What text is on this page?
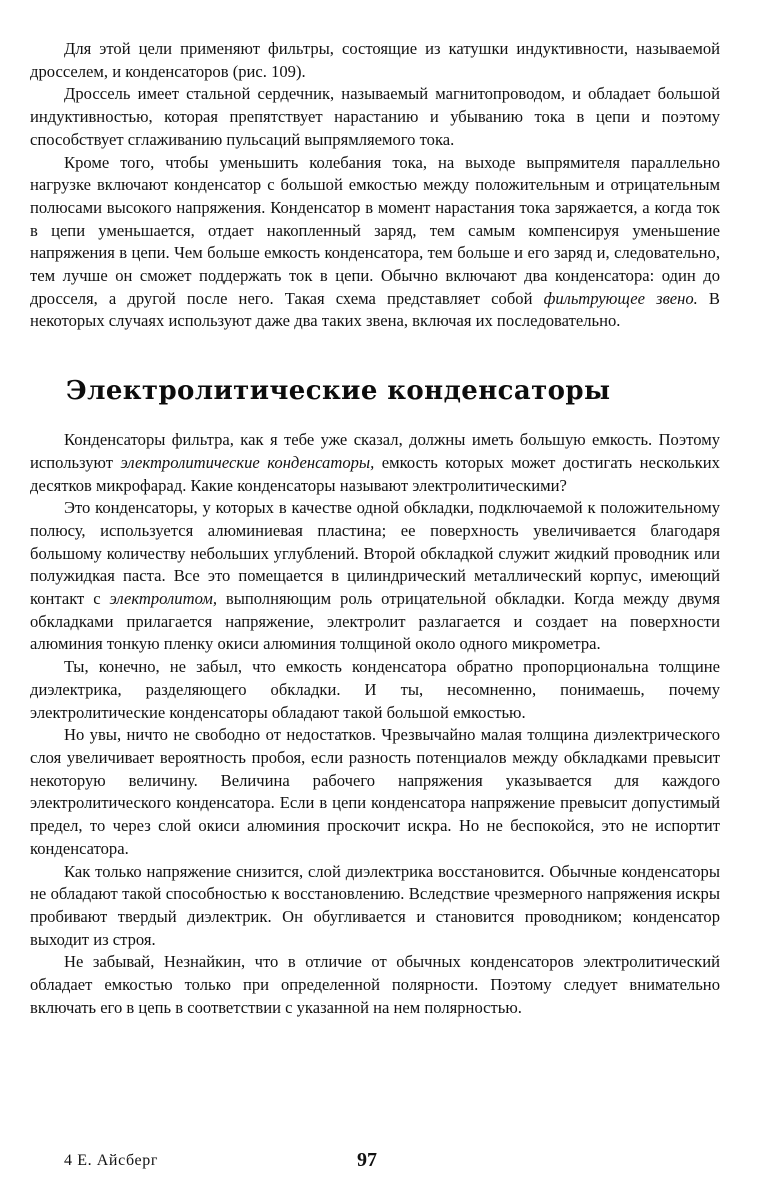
Для этой цели применяют фильтры, состоящие из катушки индуктивности, называемой дросселем, и конденсаторов (рис. 109).

Дроссель имеет стальной сердечник, называемый магнитопроводом, и обладает большой индуктивностью, которая препятствует нарастанию и убыванию тока в цепи и поэтому способствует сглаживанию пульсаций выпрямляемого тока.

Кроме того, чтобы уменьшить колебания тока, на выходе выпрямителя параллельно нагрузке включают конденсатор с большой емкостью между положительным и отрицательным полюсами высокого напряжения. Конденсатор в момент нарастания тока заряжается, а когда ток в цепи уменьшается, отдает накопленный заряд, тем самым компенсируя уменьшение напряжения в цепи. Чем больше емкость конденсатора, тем больше и его заряд и, следовательно, тем лучше он сможет поддержать ток в цепи. Обычно включают два конденсатора: один до дросселя, а другой после него. Такая схема представляет собой фильтрующее звено. В некоторых случаях используют даже два таких звена, включая их последовательно.

Электролитические конденсаторы

Конденсаторы фильтра, как я тебе уже сказал, должны иметь большую емкость. Поэтому используют электролитические конденсаторы, емкость которых может достигать нескольких десятков микрофарад. Какие конденсаторы называют электролитическими?

Это конденсаторы, у которых в качестве одной обкладки, подключаемой к положительному полюсу, используется алюминиевая пластина; ее поверхность увеличивается благодаря большому количеству небольших углублений. Второй обкладкой служит жидкий проводник или полужидкая паста. Все это помещается в цилиндрический металлический корпус, имеющий контакт с электролитом, выполняющим роль отрицательной обкладки. Когда между двумя обкладками прилагается напряжение, электролит разлагается и создает на поверхности алюминия тонкую пленку окиси алюминия толщиной около одного микрометра.

Ты, конечно, не забыл, что емкость конденсатора обратно пропорциональна толщине диэлектрика, разделяющего обкладки. И ты, несомненно, понимаешь, почему электролитические конденсаторы обладают такой большой емкостью.

Но увы, ничто не свободно от недостатков. Чрезвычайно малая толщина диэлектрического слоя увеличивает вероятность пробоя, если разность потенциалов между обкладками превысит некоторую величину. Величина рабочего напряжения указывается для каждого электролитического конденсатора. Если в цепи конденсатора напряжение превысит допустимый предел, то через слой окиси алюминия проскочит искра. Но не беспокойся, это не испортит конденсатора.

Как только напряжение снизится, слой диэлектрика восстановится. Обычные конденсаторы не обладают такой способностью к восстановлению. Вследствие чрезмерного напряжения искры пробивают твердый диэлектрик. Он обугливается и становится проводником; конденсатор выходит из строя.

Не забывай, Незнайкин, что в отличие от обычных конденсаторов электролитический обладает емкостью только при определенной полярности. Поэтому следует внимательно включать его в цепь в соответствии с указанной на нем полярностью.

4 Е. Айсберг	97
